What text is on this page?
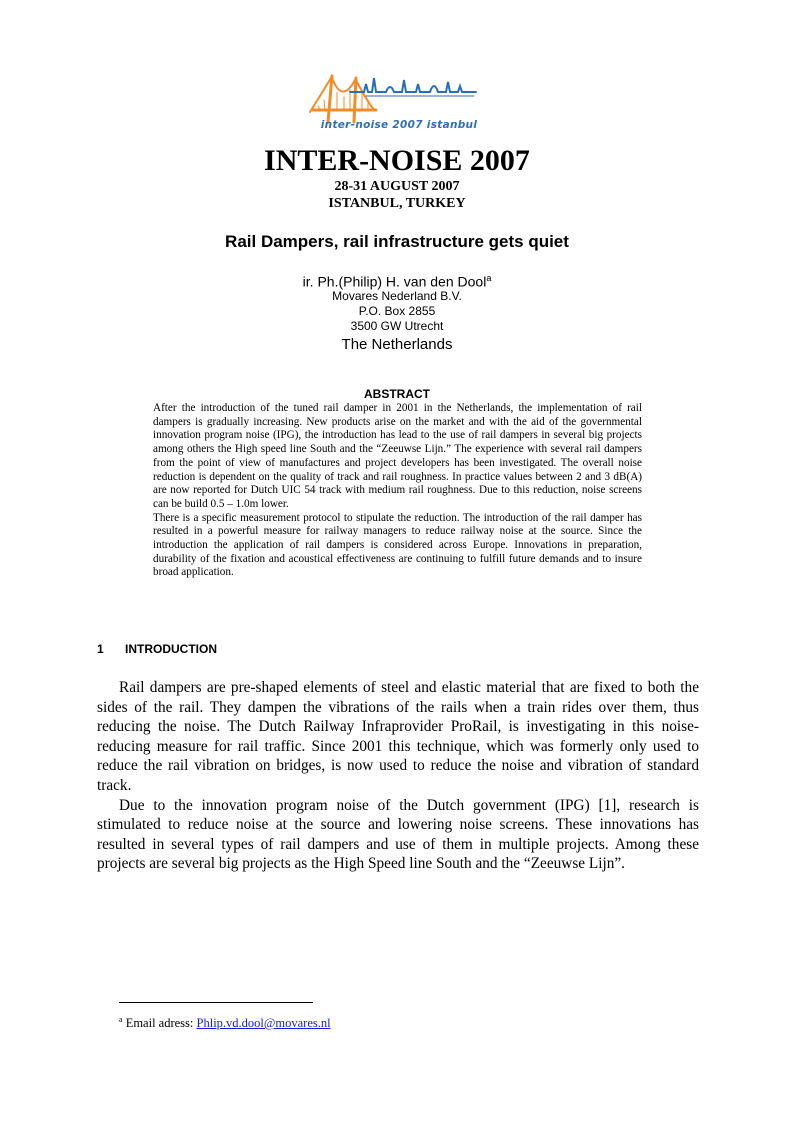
inter-noise 2007 istanbul
INTER-NOISE 2007
28-31 AUGUST 2007
ISTANBUL, TURKEY
Rail Dampers, rail infrastructure gets quiet
ir. Ph.(Philip) H. van den Dool$^a$
Movares Nederland B.V.
P.O. Box 2855
3500 GW Utrecht
The Netherlands
ABSTRACT

After the introduction of the tuned rail damper in 2001 in the Netherlands, the implementation of rail dampers is gradually increasing. New products arise on the market and with the aid of the governmental innovation program noise (IPG), the introduction has lead to the use of rail dampers in several big projects among others the High speed line South and the “Zeeuwse Lijn.” The experience with several rail dampers from the point of view of manufactures and project developers has been investigated. The overall noise reduction is dependent on the quality of track and rail roughness. In practice values between 2 and 3 dB(A) are now reported for Dutch UIC 54 track with medium rail roughness. Due to this reduction, noise screens can be build 0.5 – 1.0m lower.

There is a specific measurement protocol to stipulate the reduction. The introduction of the rail damper has resulted in a powerful measure for railway managers to reduce railway noise at the source. Since the introduction the application of rail dampers is considered across Europe. Innovations in preparation, durability of the fixation and acoustical effectiveness are continuing to fulfill future demands and to insure broad application.

1 INTRODUCTION

Rail dampers are pre-shaped elements of steel and elastic material that are fixed to both the sides of the rail. They dampen the vibrations of the rails when a train rides over them, thus reducing the noise. The Dutch Railway Infraprovider ProRail, is investigating in this noise-reducing measure for rail traffic. Since 2001 this technique, which was formerly only used to reduce the rail vibration on bridges, is now used to reduce the noise and vibration of standard track.

Due to the innovation program noise of the Dutch government (IPG) [1], research is stimulated to reduce noise at the source and lowering noise screens. These innovations has resulted in several types of rail dampers and use of them in multiple projects. Among these projects are several big projects as the High Speed line South and the “Zeeuwse Lijn”.

$^a$ Email adress: Phlip.vd.dool@movares.nl
